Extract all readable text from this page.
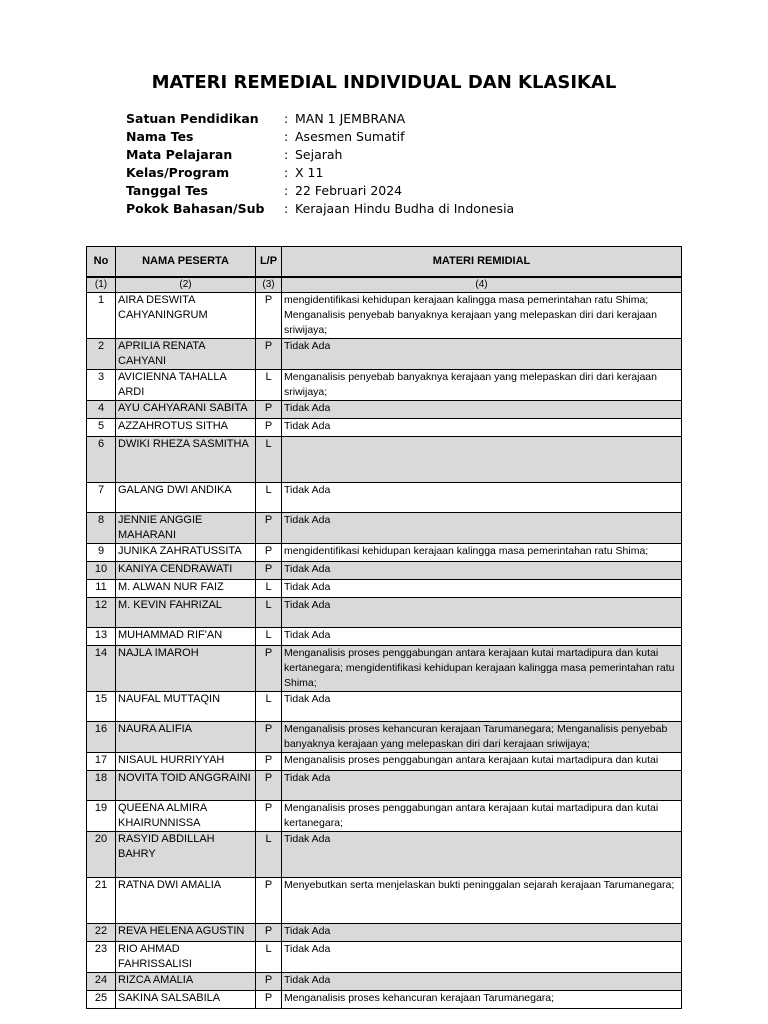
MATERI REMEDIAL INDIVIDUAL DAN KLASIKAL
Satuan Pendidikan : MAN 1 JEMBRANA
Nama Tes	: Asesmen Sumatif
Mata Pelajaran	: Sejarah
Kelas/Program	: X 11
Tanggal Tes	: 22 Februari 2024
Pokok Bahasan/Sub : Kerajaan Hindu Budha di Indonesia
No	NAMA PESERTA	L/P	MATERI REMIDIAL
(1)	(2)	(3)	(4)
1	AIRA DESWITA CAHYANINGRUM	P	mengidentifikasi kehidupan kerajaan kalingga masa pemerintahan ratu Shima; Menganalisis penyebab banyaknya kerajaan yang melepaskan diri dari kerajaan sriwijaya;
2	APRILIA RENATA CAHYANI	P	Tidak Ada
3	AVICIENNA TAHALLA ARDI	L	Menganalisis penyebab banyaknya kerajaan yang melepaskan diri dari kerajaan sriwijaya;
4	AYU CAHYARANI SABITA	P	Tidak Ada
5	AZZAHROTUS SITHA	P	Tidak Ada
6	DWIKI RHEZA SASMITHA	L	
7	GALANG DWI ANDIKA	L	Tidak Ada
8	JENNIE ANGGIE MAHARANI	P	Tidak Ada
9	JUNIKA ZAHRATUSSITA	P	mengidentifikasi kehidupan kerajaan kalingga masa pemerintahan ratu Shima;
10	KANIYA CENDRAWATI	P	Tidak Ada
11	M. ALWAN NUR FAIZ	L	Tidak Ada
12	M. KEVIN FAHRIZAL	L	Tidak Ada
13	MUHAMMAD RIF'AN	L	Tidak Ada
14	NAJLA IMAROH	P	Menganalisis proses penggabungan antara kerajaan kutai martadipura dan kutai kertanegara; mengidentifikasi kehidupan kerajaan kalingga masa pemerintahan ratu Shima;
15	NAUFAL MUTTAQIN	L	Tidak Ada
16	NAURA ALIFIA	P	Menganalisis proses kehancuran kerajaan Tarumanegara; Menganalisis penyebab banyaknya kerajaan yang melepaskan diri dari kerajaan sriwijaya;
17	NISAUL HURRIYYAH	P	Menganalisis proses penggabungan antara kerajaan kutai martadipura dan kutai
18	NOVITA TOID ANGGRAINI	P	Tidak Ada
19	QUEENA ALMIRA KHAIRUNNISSA	P	Menganalisis proses penggabungan antara kerajaan kutai martadipura dan kutai kertanegara;
20	RASYID ABDILLAH BAHRY	L	Tidak Ada
21	RATNA DWI AMALIA	P	Menyebutkan serta menjelaskan bukti peninggalan sejarah kerajaan Tarumanegara;
22	REVA HELENA AGUSTIN	P	Tidak Ada
23	RIO AHMAD FAHRISSALISI	L	Tidak Ada
24	RIZCA AMALIA	P	Tidak Ada
25	SAKINA SALSABILA	P	Menganalisis proses kehancuran kerajaan Tarumanegara;
